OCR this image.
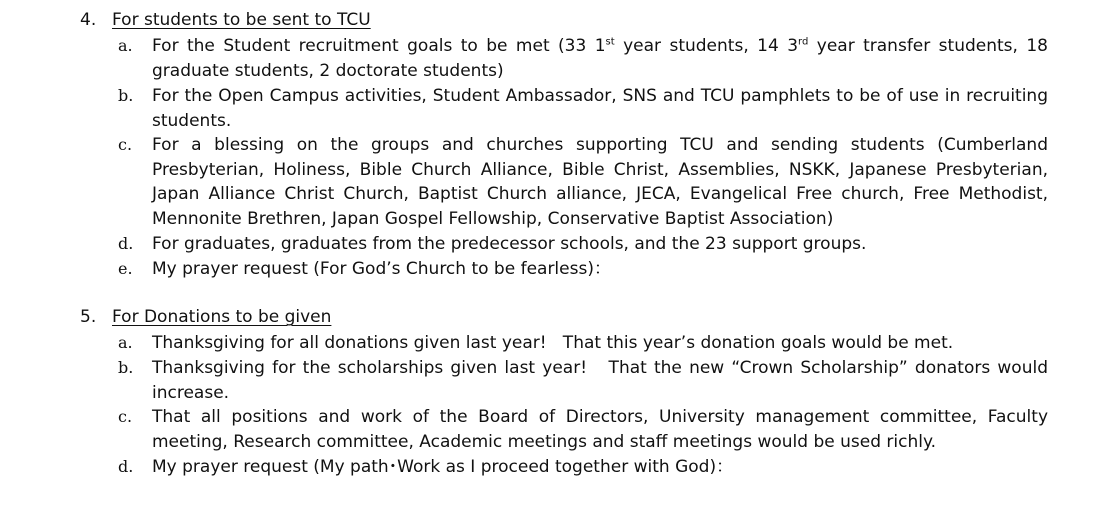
4. For students to be sent to TCU
a.	For the Student recruitment goals to be met (33 1st year students, 14 3rd year transfer students, 18 graduate students, 2 doctorate students)
b.	For the Open Campus activities, Student Ambassador, SNS and TCU pamphlets to be of use in recruiting students.
c.	For a blessing on the groups and churches supporting TCU and sending students (Cumberland Presbyterian, Holiness, Bible Church Alliance, Bible Christ, Assemblies, NSKK, Japanese Presbyterian, Japan Alliance Christ Church, Baptist Church alliance, JECA, Evangelical Free church, Free Methodist, Mennonite Brethren, Japan Gospel Fellowship, Conservative Baptist Association)
d.	For graduates, graduates from the predecessor schools, and the 23 support groups.
e.	My prayer request (For God’s Church to be fearless)：
5. For Donations to be given
a.	Thanksgiving for all donations given last year!   That this year’s donation goals would be met.
b.	Thanksgiving for the scholarships given last year!   That the new “Crown Scholarship” donators would increase.
c.	That all positions and work of the Board of Directors, University management committee, Faculty meeting, Research committee, Academic meetings and staff meetings would be used richly.
d.	My prayer request (My path･Work as I proceed together with God)：
